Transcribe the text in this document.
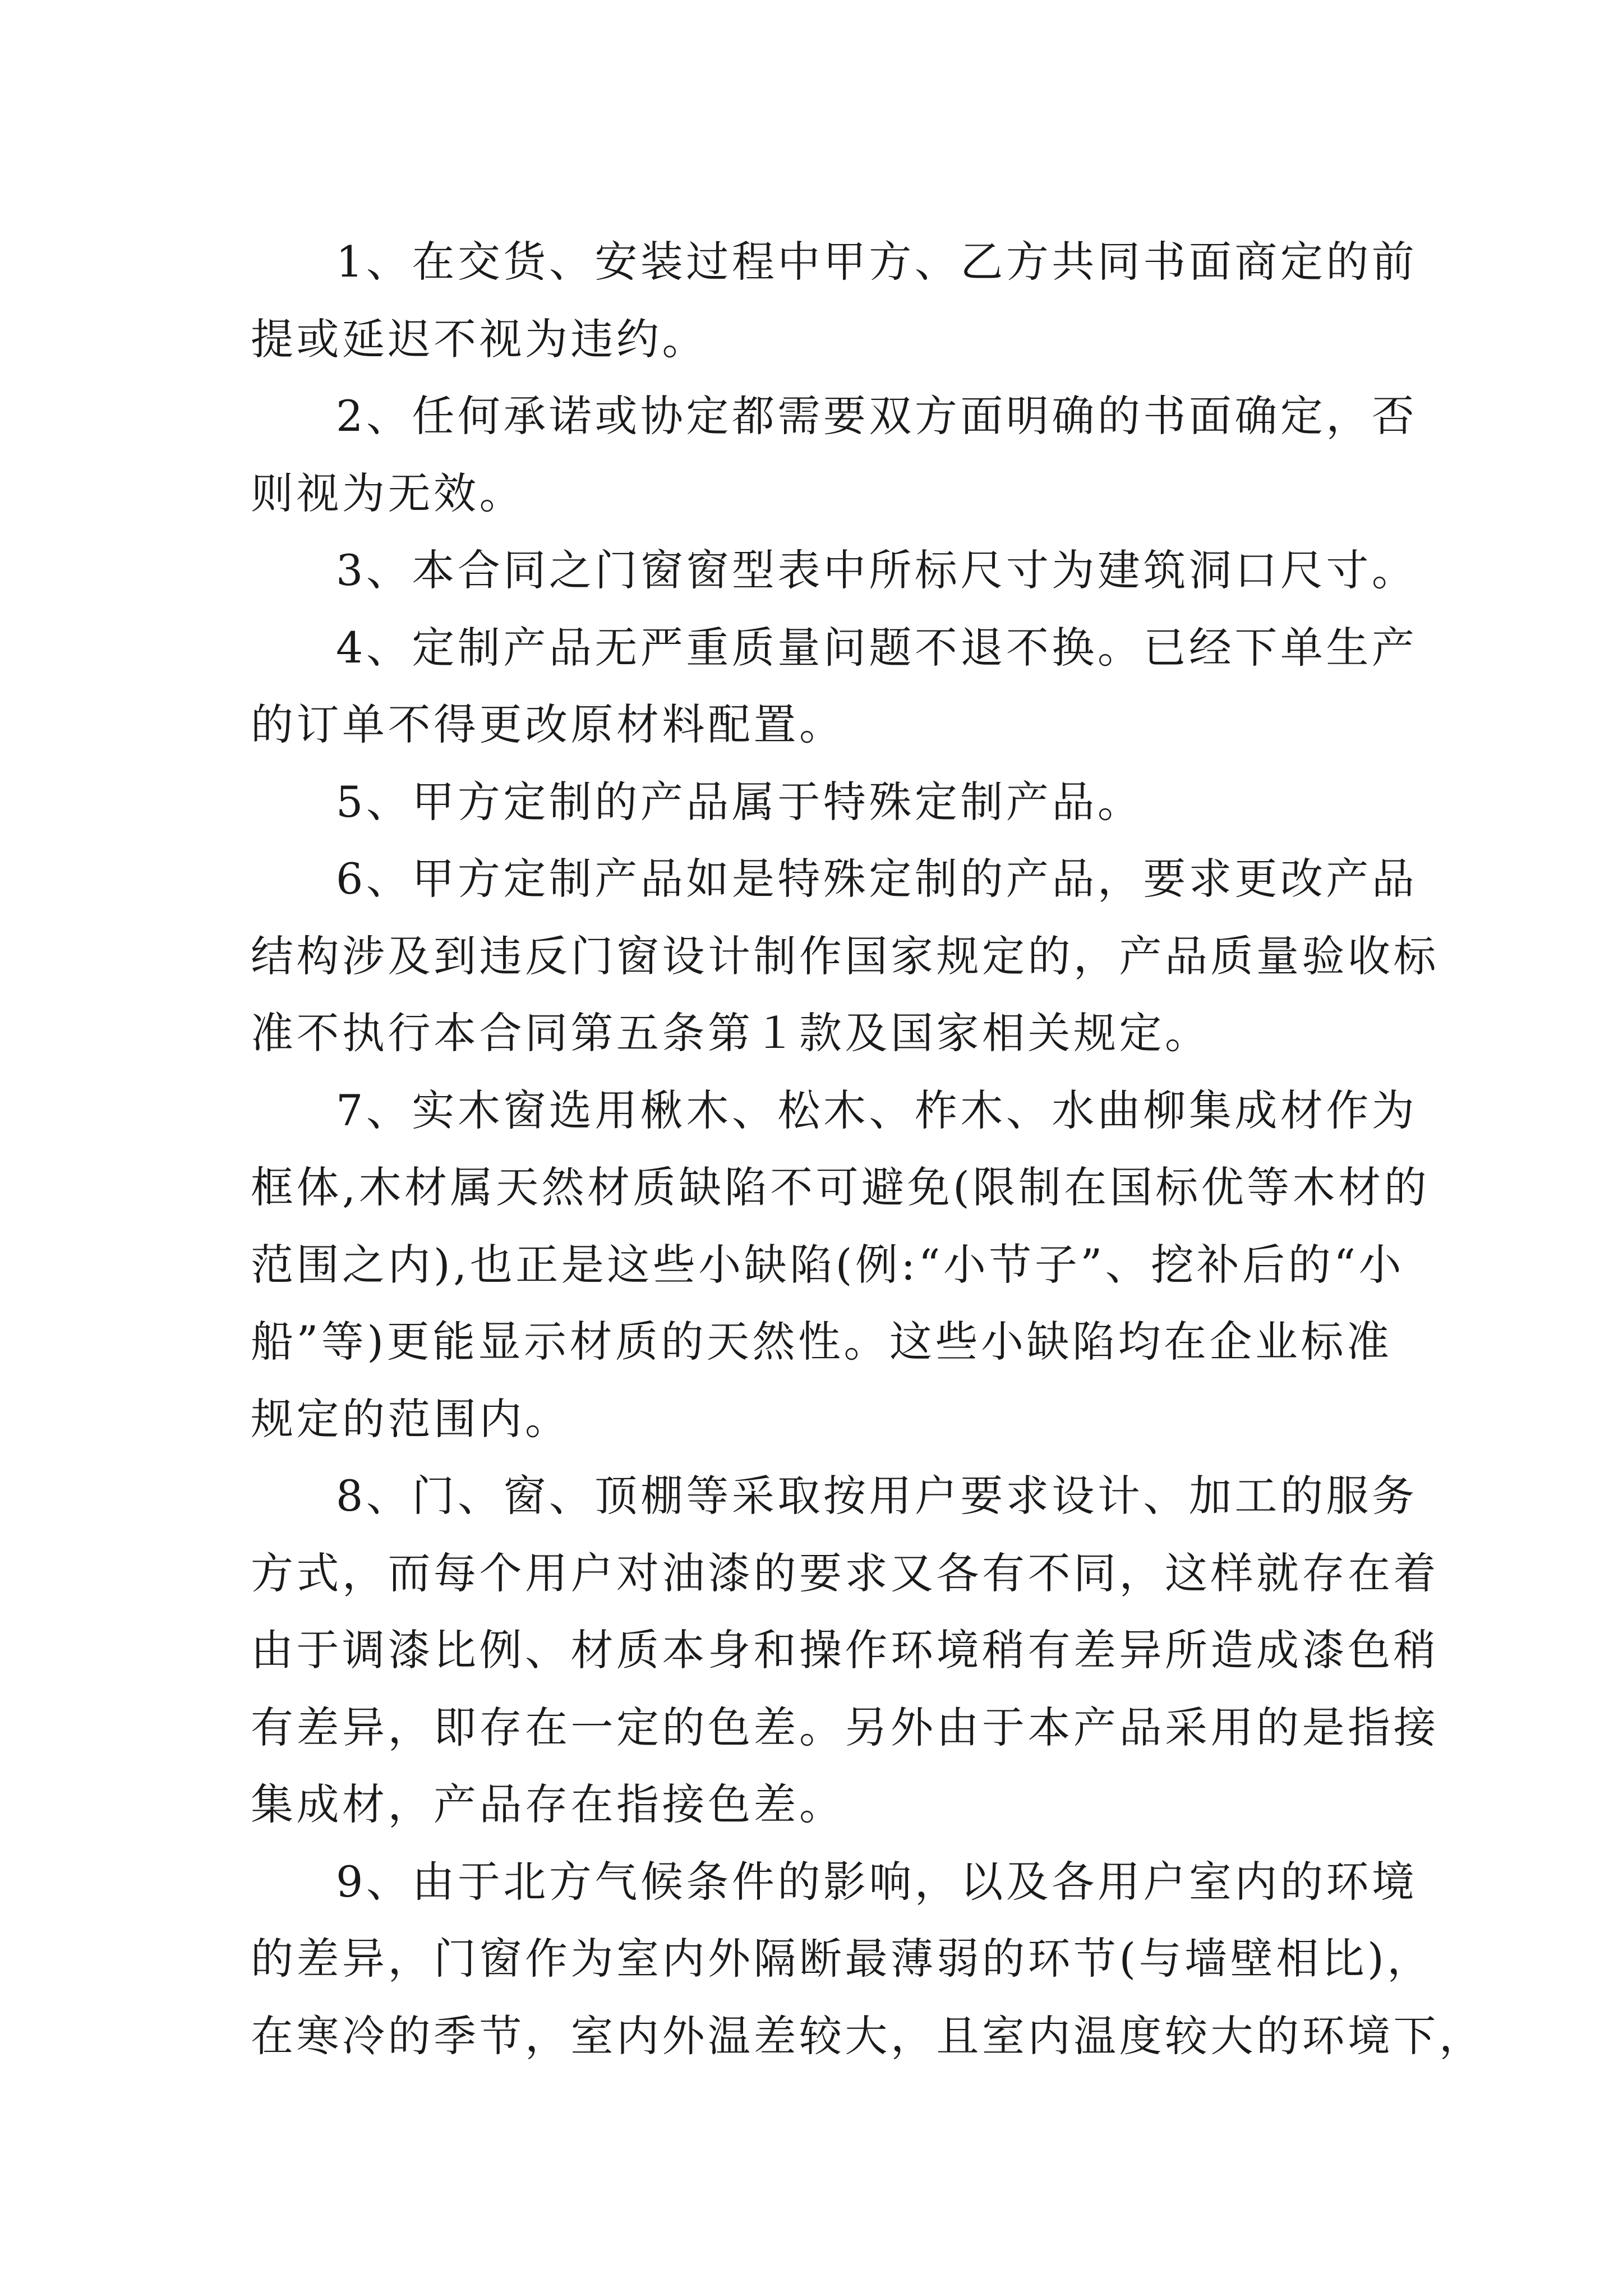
1、在交货、安装过程中甲方、乙方共同书面商定的前
提或延迟不视为违约。
2、任何承诺或协定都需要双方面明确的书面确定，否
则视为无效。
3、本合同之门窗窗型表中所标尺寸为建筑洞口尺寸。
4、定制产品无严重质量问题不退不换。已经下单生产
的订单不得更改原材料配置。
5、甲方定制的产品属于特殊定制产品。
6、甲方定制产品如是特殊定制的产品，要求更改产品
结构涉及到违反门窗设计制作国家规定的，产品质量验收标
准不执行本合同第五条第１款及国家相关规定。
7、实木窗选用楸木、松木、柞木、水曲柳集成材作为
框体,木材属天然材质缺陷不可避免(限制在国标优等木材的
范围之内),也正是这些小缺陷(例:“小节子”、挖补后的“小
船”等)更能显示材质的天然性。这些小缺陷均在企业标准
规定的范围内。
8、门、窗、顶棚等采取按用户要求设计、加工的服务
方式，而每个用户对油漆的要求又各有不同，这样就存在着
由于调漆比例、材质本身和操作环境稍有差异所造成漆色稍
有差异，即存在一定的色差。另外由于本产品采用的是指接
集成材，产品存在指接色差。
9、由于北方气候条件的影响，以及各用户室内的环境
的差异，门窗作为室内外隔断最薄弱的环节(与墙壁相比)，
在寒冷的季节，室内外温差较大，且室内温度较大的环境下，
